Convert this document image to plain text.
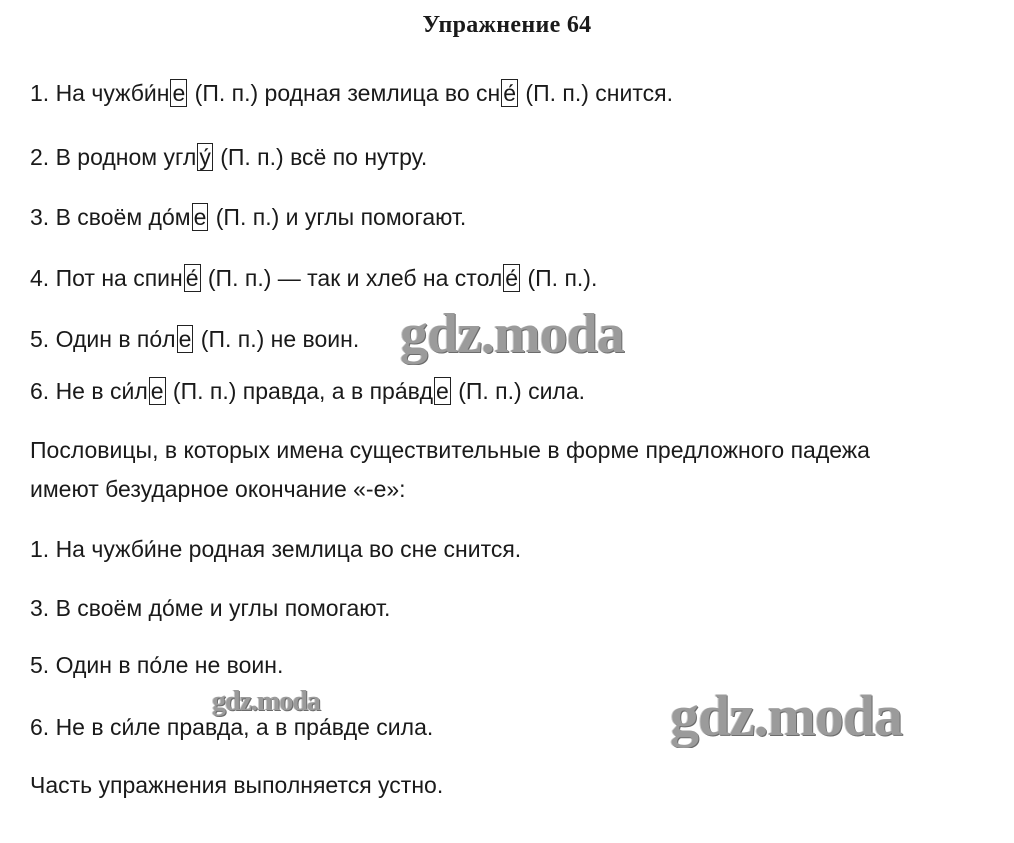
Упражнение 64
1. На чужби́н е (П. п.) родная землица во сн е́ (П. п.) снится.
2. В родном угл у́ (П. п.) всё по нутру.
3. В своём до́м е (П. п.) и углы помогают.
4. Пот на спин е́ (П. п.) — так и хлеб на стол е́ (П. п.).
5. Один в по́л е (П. п.) не воин.
6. Не в си́л е (П. п.) правда, а в пра́вд е (П. п.) сила.
Пословицы, в которых имена существительные в форме предложного падежа
имеют безударное окончание «-е»:
1. На чужби́не родная землица во сне снится.
3. В своём до́ме и углы помогают.
5. Один в по́ле не воин.
6. Не в си́ле правда, а в пра́вде сила.
Часть упражнения выполняется устно.
gdz.moda
gdz.moda	gdz.moda
